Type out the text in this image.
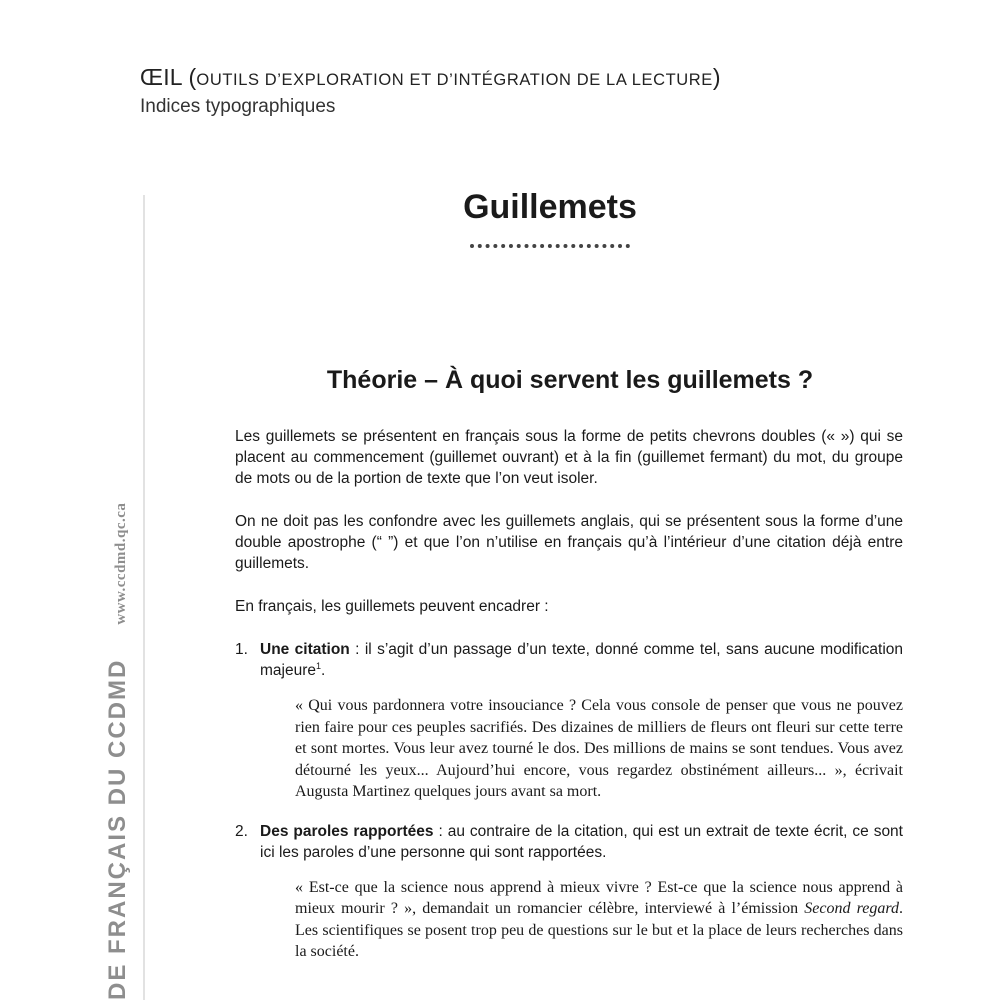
ŒIL (OUTILS D’EXPLORATION ET D’INTÉGRATION DE LA LECTURE)
Indices typographiques
DE FRANÇAIS DU CCDMDwww.ccdmd.qc.ca
Guillemets
Théorie – À quoi servent les guillemets ?

Les guillemets se présentent en français sous la forme de petits chevrons doubles (« ») qui se placent au commencement (guillemet ouvrant) et à la fin (guillemet fermant) du mot, du groupe de mots ou de la portion de texte que l’on veut isoler.

On ne doit pas les confondre avec les guillemets anglais, qui se présentent sous la forme d’une double apostrophe (“ ”) et que l’on n’utilise en français qu’à l’intérieur d’une citation déjà entre guillemets.

En français, les guillemets peuvent encadrer :

1. Une citation : il s’agit d’un passage d’un texte, donné comme tel, sans aucune modification majeure$^1$.
« Qui vous pardonnera votre insouciance ? Cela vous console de penser que vous ne pouvez rien faire pour ces peuples sacrifiés. Des dizaines de milliers de fleurs ont fleuri sur cette terre et sont mortes. Vous leur avez tourné le dos. Des millions de mains se sont tendues. Vous avez détourné les yeux... Aujourd’hui encore, vous regardez obstinément ailleurs... », écrivait Augusta Martinez quelques jours avant sa mort.
2. Des paroles rapportées : au contraire de la citation, qui est un extrait de texte écrit, ce sont ici les paroles d’une personne qui sont rapportées.
« Est-ce que la science nous apprend à mieux vivre ? Est-ce que la science nous apprend à mieux mourir ? », demandait un romancier célèbre, interviewé à l’émission Second regard. Les scientifiques se posent trop peu de questions sur le but et la place de leurs recherches dans la société.
